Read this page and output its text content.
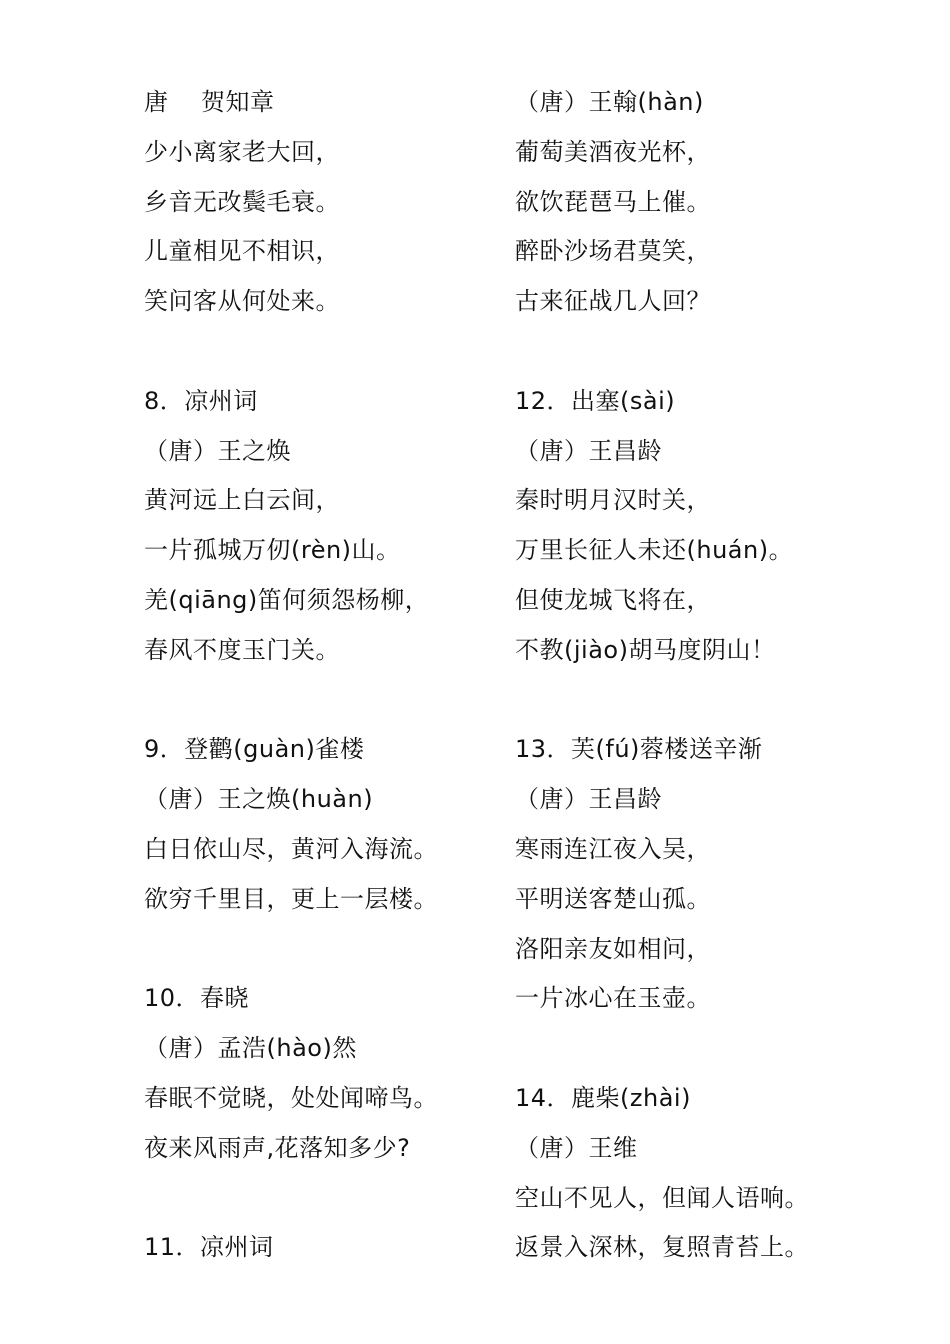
唐    贺知章
少小离家老大回，
乡音无改鬓毛衰。
儿童相见不相识，
笑问客从何处来。
8．凉州词
（唐）王之焕
黄河远上白云间，
一片孤城万仞(rèn)山。
羌(qiāng)笛何须怨杨柳，
春风不度玉门关。
9．登鹳(guàn)雀楼
（唐）王之焕(huàn)
白日依山尽，黄河入海流。
欲穷千里目，更上一层楼。
10．春晓
（唐）孟浩(hào)然
春眠不觉晓，处处闻啼鸟。
夜来风雨声,花落知多少?
11．凉州词
（唐）王翰(hàn)
葡萄美酒夜光杯，
欲饮琵琶马上催。
醉卧沙场君莫笑，
古来征战几人回？
12．出塞(sài)
（唐）王昌龄
秦时明月汉时关，
万里长征人未还(huán)。
但使龙城飞将在，
不教(jiào)胡马度阴山！
13．芙(fú)蓉楼送辛渐
（唐）王昌龄
寒雨连江夜入吴，
平明送客楚山孤。
洛阳亲友如相问，
一片冰心在玉壶。
14．鹿柴(zhài)
（唐）王维
空山不见人，但闻人语响。
返景入深林，复照青苔上。
